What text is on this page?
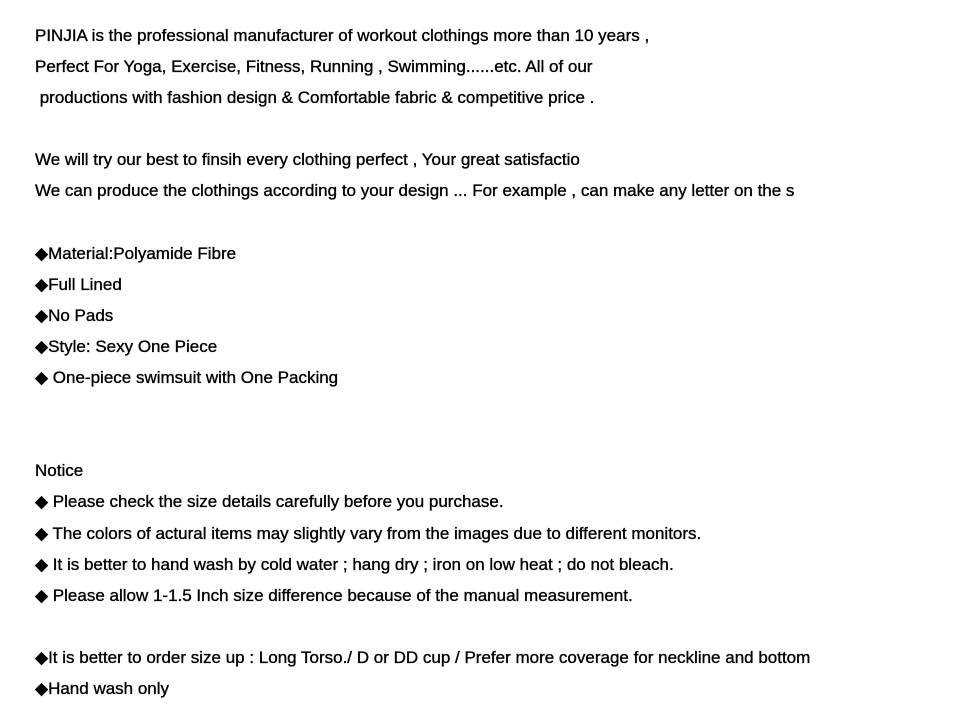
PINJIA is the professional manufacturer of workout clothings more than 10 years ,
Perfect For Yoga, Exercise, Fitness, Running , Swimming......etc. All of our
productions with fashion design & Comfortable fabric & competitive price .
We will try our best to finsih every clothing perfect , Your great satisfactio
We can produce the clothings according to your design ... For example , can make any letter on the s
◆Material:Polyamide Fibre
◆Full Lined
◆No Pads
◆Style: Sexy One Piece
◆ One-piece swimsuit with One Packing
Notice
◆ Please check the size details carefully before you purchase.
◆ The colors of actural items may slightly vary from the images due to different monitors.
◆ It is better to hand wash by cold water ; hang dry ; iron on low heat ; do not bleach.
◆ Please allow 1-1.5 Inch size difference because of the manual measurement.
◆It is better to order size up : Long Torso./ D or DD cup / Prefer more coverage for neckline and bottom
◆Hand wash only
